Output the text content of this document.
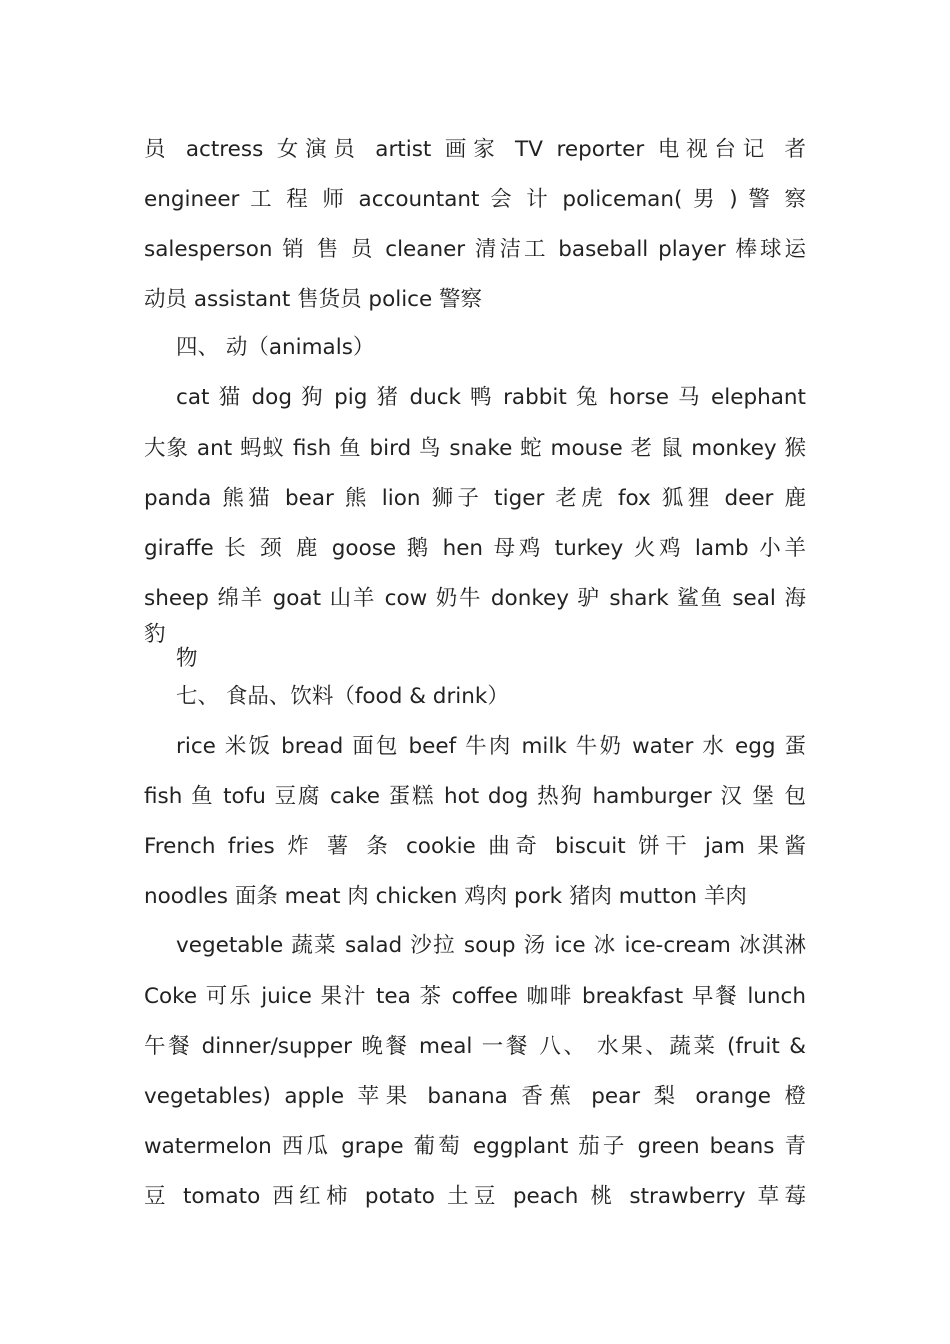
员 actress 女演员 artist 画家 TV reporter 电视台记 者
engineer 工 程 师 accountant 会 计 policeman( 男 ) 警 察
salesperson 销 售 员 cleaner 清洁工 baseball player 棒球运
动员 assistant 售货员 police 警察
四、 动（animals）
cat 猫 dog 狗 pig 猪 duck 鸭 rabbit 兔 horse 马 elephant
大象 ant 蚂蚁 fish 鱼 bird 鸟 snake 蛇 mouse 老 鼠 monkey 猴
panda 熊猫 bear 熊 lion 狮子 tiger 老虎 fox 狐狸 deer 鹿
giraffe 长 颈 鹿 goose 鹅 hen 母鸡 turkey 火鸡 lamb 小羊
sheep 绵羊 goat 山羊 cow 奶牛 donkey 驴 shark 鲨鱼 seal 海
豹
物
七、 食品、饮料（food & drink）
rice 米饭 bread 面包 beef 牛肉 milk 牛奶 water 水 egg 蛋
fish 鱼 tofu 豆腐 cake 蛋糕 hot dog 热狗 hamburger 汉 堡 包
French fries 炸 薯 条 cookie 曲奇 biscuit 饼干 jam 果酱
noodles 面条 meat 肉 chicken 鸡肉 pork 猪肉 mutton 羊肉
vegetable 蔬菜 salad 沙拉 soup 汤 ice 冰 ice-cream 冰淇淋
Coke 可乐 juice 果汁 tea 茶 coffee 咖啡 breakfast 早餐 lunch
午餐 dinner/supper 晚餐 meal 一餐 八、 水果、蔬菜 (fruit &
vegetables) apple 苹果 banana 香蕉 pear 梨 orange 橙
watermelon 西瓜 grape 葡萄 eggplant 茄子 green beans 青
豆 tomato 西红柿 potato 土豆 peach 桃 strawberry 草莓
